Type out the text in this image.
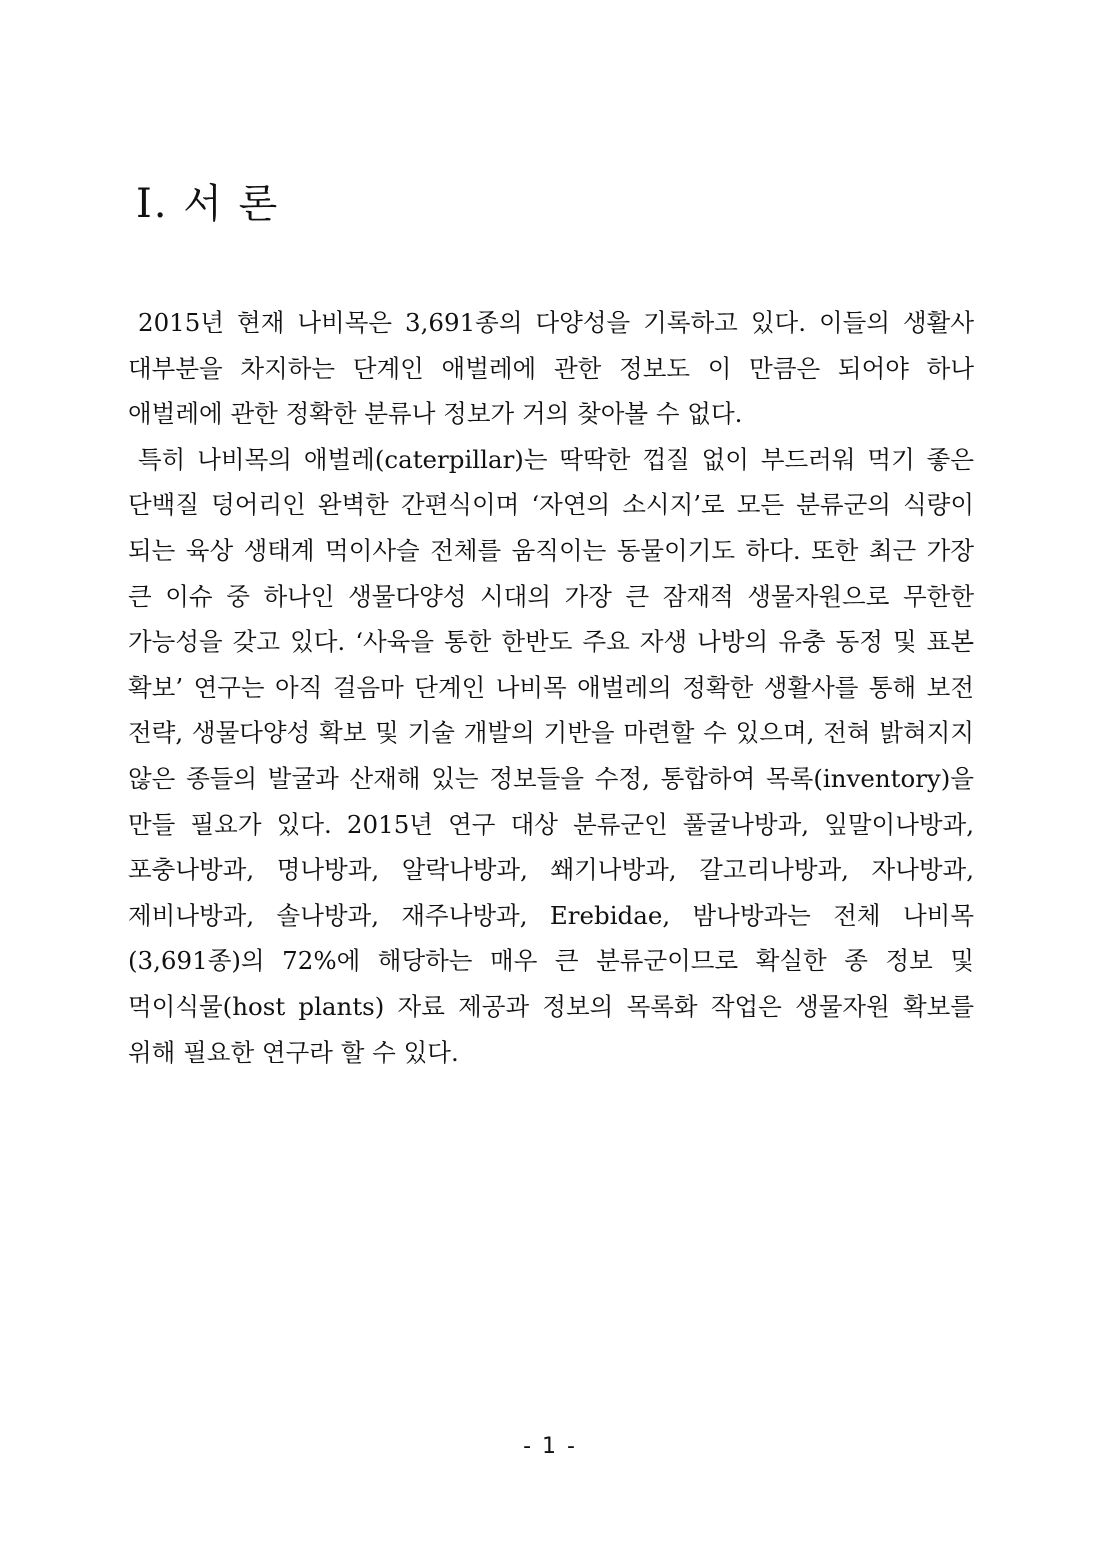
Ⅰ. 서 론

2015년 현재 나비목은 3,691종의 다양성을 기록하고 있다. 이들의 생활사 대부분을 차지하는 단계인 애벌레에 관한 정보도 이 만큼은 되어야 하나 애벌레에 관한 정확한 분류나 정보가 거의 찾아볼 수 없다.

특히 나비목의 애벌레(caterpillar)는 딱딱한 껍질 없이 부드러워 먹기 좋은 단백질 덩어리인 완벽한 간편식이며 ‘자연의 소시지’로 모든 분류군의 식량이 되는 육상 생태계 먹이사슬 전체를 움직이는 동물이기도 하다. 또한 최근 가장 큰 이슈 중 하나인 생물다양성 시대의 가장 큰 잠재적 생물자원으로 무한한 가능성을 갖고 있다. ‘사육을 통한 한반도 주요 자생 나방의 유충 동정 및 표본 확보’ 연구는 아직 걸음마 단계인 나비목 애벌레의 정확한 생활사를 통해 보전 전략, 생물다양성 확보 및 기술 개발의 기반을 마련할 수 있으며, 전혀 밝혀지지 않은 종들의 발굴과 산재해 있는 정보들을 수정, 통합하여 목록(inventory)을 만들 필요가 있다. 2015년 연구 대상 분류군인 풀굴나방과, 잎말이나방과, 포충나방과, 명나방과, 알락나방과, 쐐기나방과, 갈고리나방과, 자나방과, 제비나방과, 솔나방과, 재주나방과, Erebidae, 밤나방과는 전체 나비목(3,691종)의 72%에 해당하는 매우 큰 분류군이므로 확실한 종 정보 및 먹이식물(host plants) 자료 제공과 정보의 목록화 작업은 생물자원 확보를 위해 필요한 연구라 할 수 있다.

- 1 -
